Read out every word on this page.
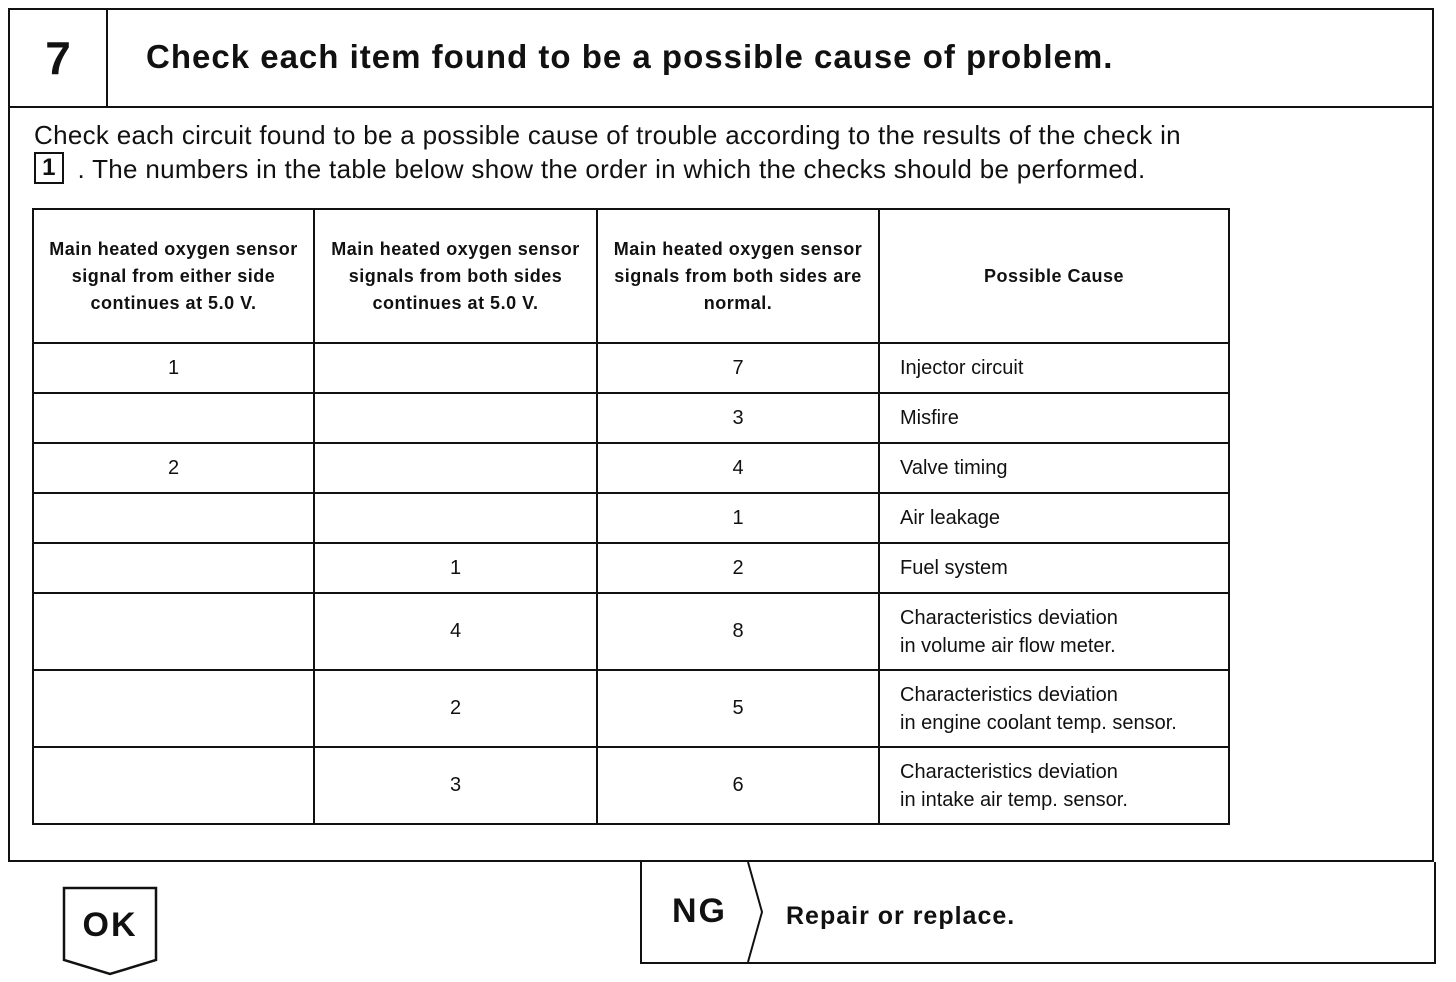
7	Check each item found to be a possible cause of problem.
Check each circuit found to be a possible cause of trouble according to the results of the check in
1 . The numbers in the table below show the order in which the checks should be performed.
Main heated oxygen sensor signal from either side continues at 5.0 V.	Main heated oxygen sensor signals from both sides continues at 5.0 V.	Main heated oxygen sensor signals from both sides are normal.	Possible Cause
1		7	Injector circuit
		3	Misfire
2		4	Valve timing
		1	Air leakage
	1	2	Fuel system
	4	8	Characteristics deviation
in volume air flow meter.
	2	5	Characteristics deviation
in engine coolant temp. sensor.
	3	6	Characteristics deviation
in intake air temp. sensor.
OK	NG Repair or replace.
